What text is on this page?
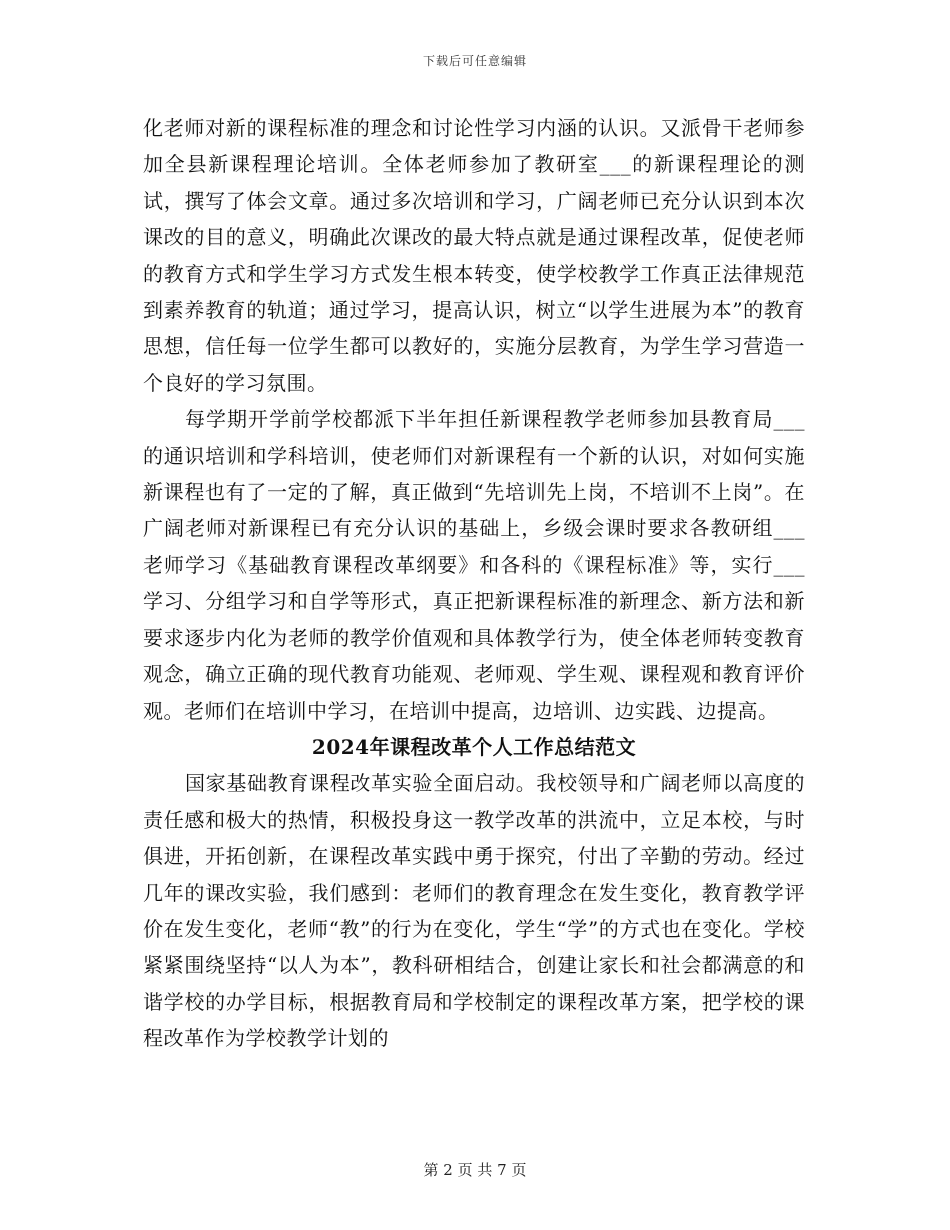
下载后可任意编辑

化老师对新的课程标准的理念和讨论性学习内涵的认识。又派骨干老师参加全县新课程理论培训。全体老师参加了教研室___的新课程理论的测试，撰写了体会文章。通过多次培训和学习，广阔老师已充分认识到本次课改的目的意义，明确此次课改的最大特点就是通过课程改革，促使老师的教育方式和学生学习方式发生根本转变，使学校教学工作真正法律规范到素养教育的轨道；通过学习，提高认识，树立“以学生进展为本”的教育思想，信任每一位学生都可以教好的，实施分层教育，为学生学习营造一个良好的学习氛围。

每学期开学前学校都派下半年担任新课程教学老师参加县教育局___的通识培训和学科培训，使老师们对新课程有一个新的认识，对如何实施新课程也有了一定的了解，真正做到“先培训先上岗，不培训不上岗”。在广阔老师对新课程已有充分认识的基础上，乡级会课时要求各教研组___老师学习《基础教育课程改革纲要》和各科的《课程标准》等，实行___学习、分组学习和自学等形式，真正把新课程标准的新理念、新方法和新要求逐步内化为老师的教学价值观和具体教学行为，使全体老师转变教育观念，确立正确的现代教育功能观、老师观、学生观、课程观和教育评价观。老师们在培训中学习，在培训中提高，边培训、边实践、边提高。

2024年课程改革个人工作总结范文

国家基础教育课程改革实验全面启动。我校领导和广阔老师以高度的责任感和极大的热情，积极投身这一教学改革的洪流中，立足本校，与时俱进，开拓创新，在课程改革实践中勇于探究，付出了辛勤的劳动。经过几年的课改实验，我们感到：老师们的教育理念在发生变化，教育教学评价在发生变化，老师“教”的行为在变化，学生“学”的方式也在变化。学校紧紧围绕坚持“以人为本”，教科研相结合，创建让家长和社会都满意的和谐学校的办学目标，根据教育局和学校制定的课程改革方案，把学校的课程改革作为学校教学计划的

第 2 页 共 7 页
